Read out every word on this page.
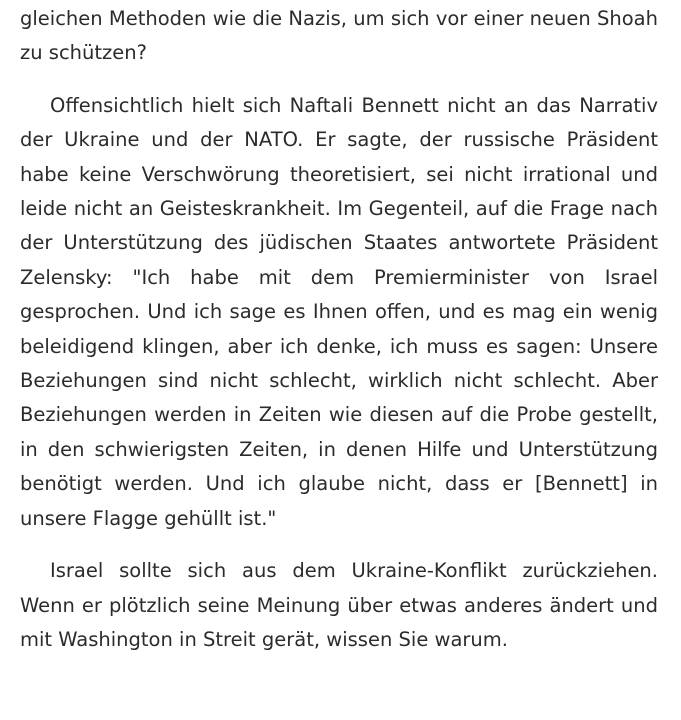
gleichen Methoden wie die Nazis, um sich vor einer neuen Shoah zu schützen?

Offensichtlich hielt sich Naftali Bennett nicht an das Narrativ der Ukraine und der NATO. Er sagte, der russische Präsident habe keine Verschwörung theoretisiert, sei nicht irrational und leide nicht an Geisteskrankheit. Im Gegenteil, auf die Frage nach der Unterstützung des jüdischen Staates antwortete Präsident Zelensky: "Ich habe mit dem Premierminister von Israel gesprochen. Und ich sage es Ihnen offen, und es mag ein wenig beleidigend klingen, aber ich denke, ich muss es sagen: Unsere Beziehungen sind nicht schlecht, wirklich nicht schlecht. Aber Beziehungen werden in Zeiten wie diesen auf die Probe gestellt, in den schwierigsten Zeiten, in denen Hilfe und Unterstützung benötigt werden. Und ich glaube nicht, dass er [Bennett] in unsere Flagge gehüllt ist."

Israel sollte sich aus dem Ukraine-Konflikt zurückziehen. Wenn er plötzlich seine Meinung über etwas anderes ändert und mit Washington in Streit gerät, wissen Sie warum.
